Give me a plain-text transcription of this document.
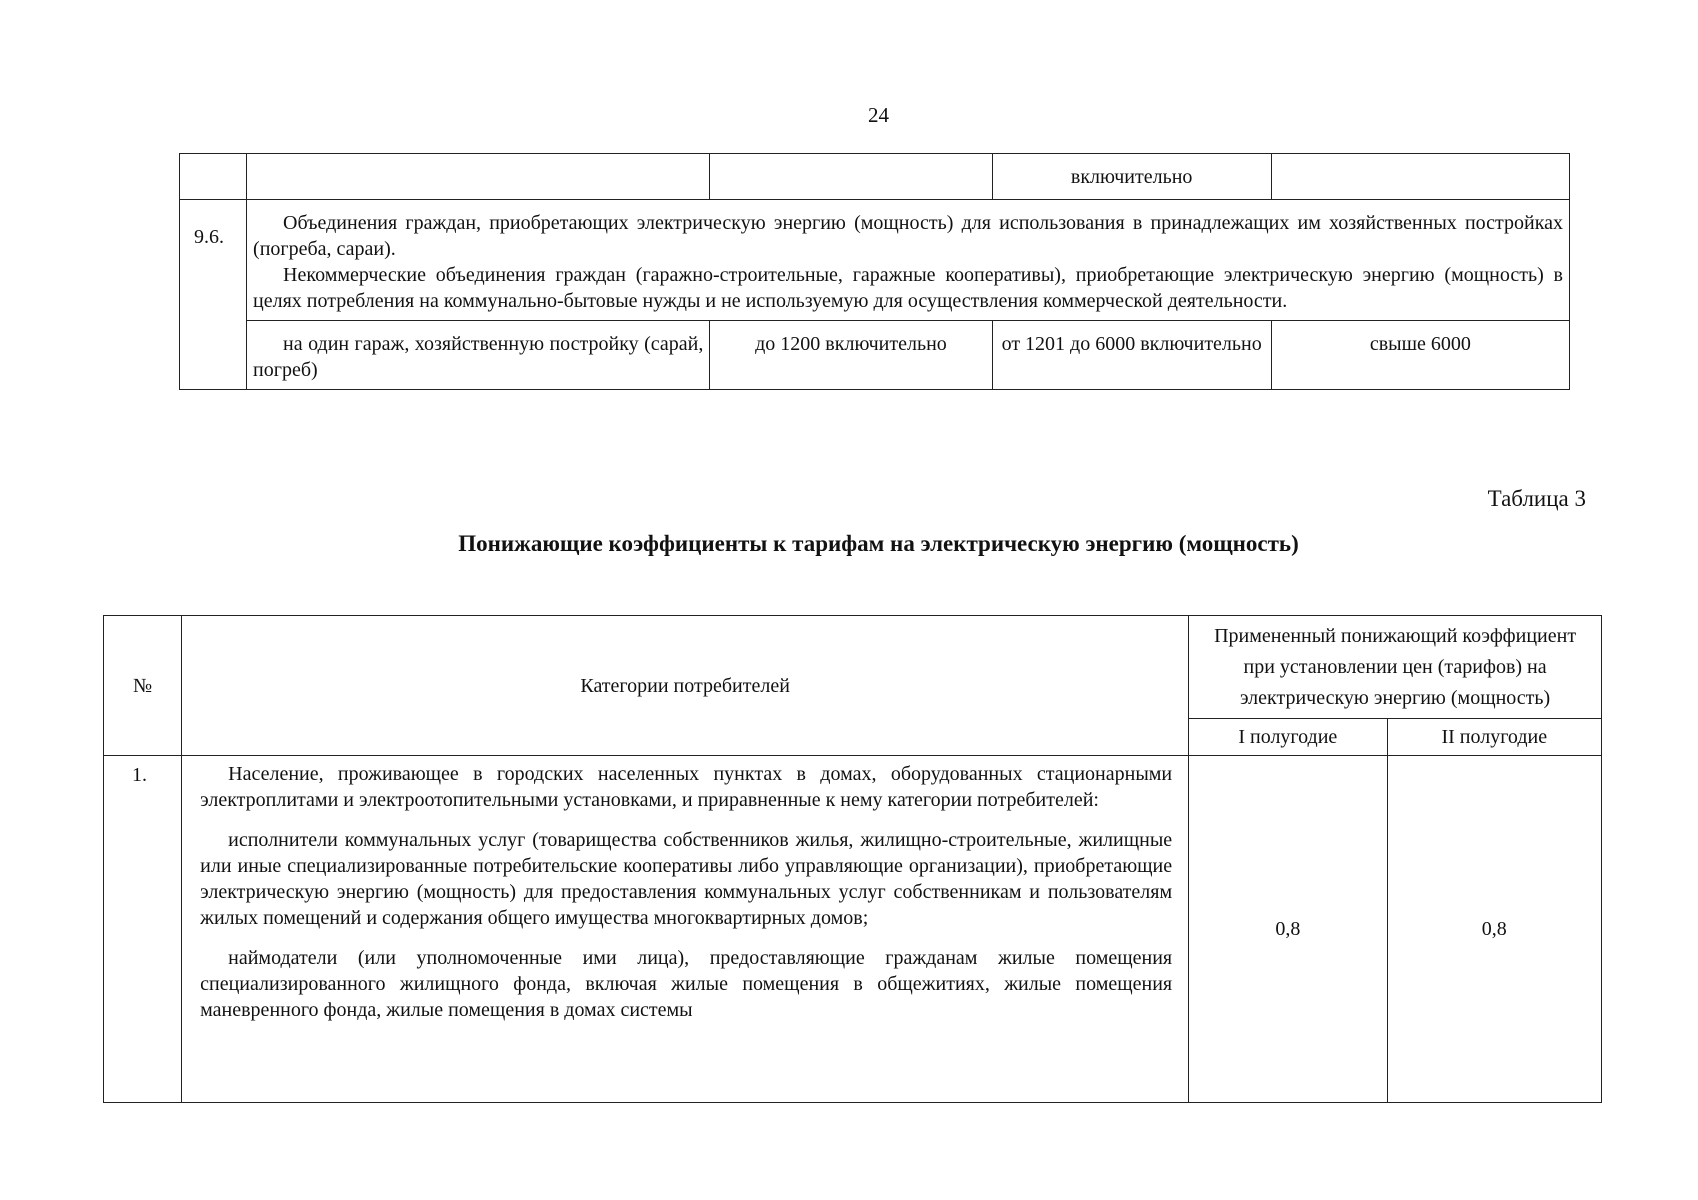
24
			включительно	
9.6.	Объединения граждан, приобретающих электрическую энергию (мощность) для использования в принадлежащих им хозяйственных постройках (погреба, сараи).

Некоммерческие объединения граждан (гаражно-строительные, гаражные кооперативы), приобретающие электрическую энергию (мощность) в целях потребления на коммунально-бытовые нужды и не используемую для осуществления коммерческой деятельности.			

	на один гараж, хозяйственную постройку (сарай, погреб)	до 1200 включительно	от 1201 до 6000 включительно	свыше 6000
Таблица 3
Понижающие коэффициенты к тарифам на электрическую энергию (мощность)
№	Категории потребителей	Примененный понижающий коэффициент при установлении цен (тарифов) на электрическую энергию (мощность)	
		I полугодие	II полугодие
1.	Население, проживающее в городских населенных пунктах в домах, оборудованных стационарными электроплитами и электроотопительными установками, и приравненные к нему категории потребителей:

исполнители коммунальных услуг (товарищества собственников жилья, жилищно-строительные, жилищные или иные специализированные потребительские кооперативы либо управляющие организации), приобретающие электрическую энергию (мощность) для предоставления коммунальных услуг собственникам и пользователям жилых помещений и содержания общего имущества многоквартирных домов;

наймодатели (или уполномоченные ими лица), предоставляющие гражданам жилые помещения специализированного жилищного фонда, включая жилые помещения в общежитиях, жилые помещения маневренного фонда, жилые помещения в домах системы	0,8	0,8
